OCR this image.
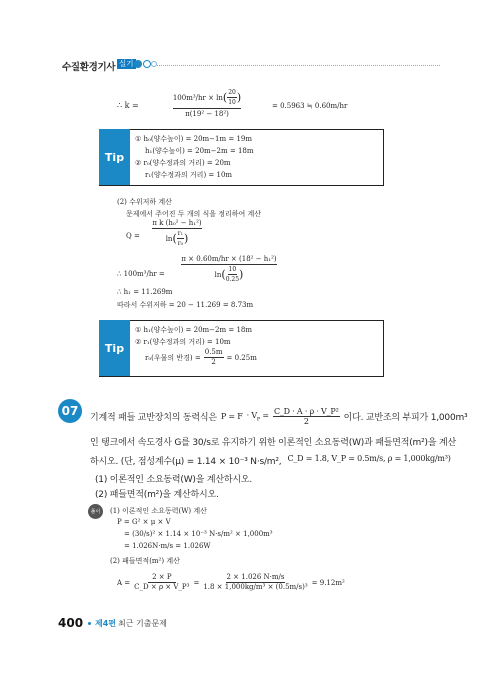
수질환경기사 실기
∴ $k = \frac{100m^3/hr \times \ln ( \frac{20}{10} )}{\text{π(19² − 18²)}} = 0.5963$ ≒ 0.60m/hr
Tip
① h₀(양수높이) = 20m−1m = 19m
h₁(양수높이) = 20m−2m = 18m
② r₀(양수정과의 거리) = 20m
r₁(양수정과의 거리) = 10m
(2) 수위저하 계산
문제에서 주어진 두 개의 식을 정리하여 계산
$Q = \frac{\text{π k (h₀² − h₁²)}}{\ln ( \frac{\text{r₁}}{\text{r₀}} )}$
∴ $100m^3/hr = \frac{\text{π × 0.60m/hr × (18² − h₁²)}}{\ln ( \frac{10}{0.25} )}$
∴ h₁ = 11.269m
따라서 수위저하 = 20 − 11.269 = 8.73m
Tip
① h₁(양수높이) = 20m−2m = 18m
② r₁(양수정과의 거리) = 10m
r₀(우물의 반경) = $\frac{0.5m}{2} = 0.25m$
07	기계적 패들 교반장치의 동력식은 $P = F \cdot V_P = \frac{\text{C\_D · A · ρ · V\_P²}}{2}$ 이다. 교반조의 부피가 1,000m³
인 탱크에서 속도경사 G를 30/s로 유지하기 위한 이론적인 소요동력(W)과 패들면적(m²)을 계산
하시오. (단, 점성계수(μ) = 1.14 × 10⁻³ N·s/m², C_D = 1.8, V_P = 0.5m/s, ρ = 1,000kg/m³)
(1) 이론적인 소요동력(W)을 계산하시오.
(2) 패들면적(m²)을 계산하시오.
풀이	(1) 이론적인 소요동력(W) 계산
P = G² × μ × V
= (30/s)² × 1.14 × 10⁻³ N·s/m² × 1,000m³
= 1.026N·m/s = 1.026W
(2) 패들면적(m²) 계산
$A = \frac{2 \times P}{\text{C\_D × ρ × V\_P³}} = \frac{2 \times 1.026 N\cdot m/s}{\text{1.8 × 1,000kg/m³ × (0.5m/s)³}} = 9.12m^2$
400 제4편 최근 기출문제
